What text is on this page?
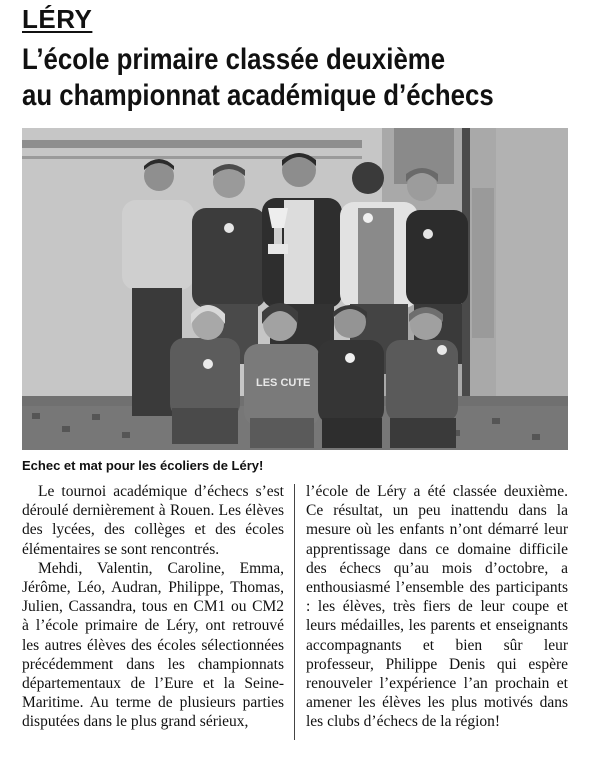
LÉRY
L’école primaire classée deuxième
au championnat académique d’échecs
LES CUTE
Echec et mat pour les écoliers de Léry!

Le tournoi académique d’échecs s’est déroulé dernièrement à Rouen. Les élèves des lycées, des collèges et des écoles élémentaires se sont rencontrés.

Mehdi, Valentin, Caroline, Emma, Jérôme, Léo, Audran, Philippe, Thomas, Julien, Cassandra, tous en CM1 ou CM2 à l’école primaire de Léry, ont retrouvé les autres élèves des écoles sélectionnées précédemment dans les championnats départementaux de l’Eure et la Seine-Maritime. Au terme de plusieurs parties disputées dans le plus grand sérieux,

l’école de Léry a été classée deuxième. Ce résultat, un peu inattendu dans la mesure où les enfants n’ont démarré leur apprentissage dans ce domaine difficile des échecs qu’au mois d’octobre, a enthousiasmé l’ensemble des participants : les élèves, très fiers de leur coupe et leurs médailles, les parents et enseignants accompagnants et bien sûr leur professeur, Philippe Denis qui espère renouveler l’expérience l’an prochain et amener les élèves les plus motivés dans les clubs d’échecs de la région!
